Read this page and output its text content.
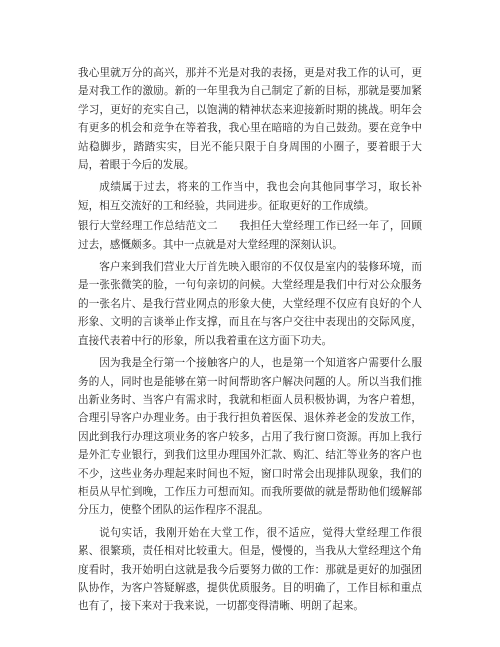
我心里就万分的高兴，那并不光是对我的表扬，更是对我工作的认可，更是对我工作的激励。新的一年里我为自己制定了新的目标，那就是要加紧学习，更好的充实自己，以饱满的精神状态来迎接新时期的挑战。明年会有更多的机会和竞争在等着我，我心里在暗暗的为自己鼓劲。要在竞争中站稳脚步，踏踏实实，目光不能只限于自身周围的小圈子，要着眼于大局，着眼于今后的发展。

成绩属于过去，将来的工作当中，我也会向其他同事学习，取长补短，相互交流好的工和经验，共同进步。征取更好的工作成绩。

银行大堂经理工作总结范文二　　我担任大堂经理工作已经一年了，回顾过去，感慨颇多。其中一点就是对大堂经理的深刻认识。

客户来到我们营业大厅首先映入眼帘的不仅仅是室内的装修环境，而是一张张微笑的脸，一句句亲切的问候。大堂经理是我们中行对公众服务的一张名片、是我行营业网点的形象大使，大堂经理不仅应有良好的个人形象、文明的言谈举止作支撑，而且在与客户交往中表现出的交际风度，直接代表着中行的形象，所以我着重在这方面下功夫。

因为我是全行第一个接触客户的人，也是第一个知道客户需要什么服务的人，同时也是能够在第一时间帮助客户解决问题的人。所以当我们推出新业务时、当客户有需求时，我就和柜面人员积极协调，为客户着想，合理引导客户办理业务。由于我行担负着医保、退休养老金的发放工作，因此到我行办理这项业务的客户较多，占用了我行窗口资源。再加上我行是外汇专业银行，到我们这里办理国外汇款、购汇、结汇等业务的客户也不少，这些业务办理起来时间也不短，窗口时常会出现排队现象，我们的柜员从早忙到晚，工作压力可想而知。而我所要做的就是帮助他们缓解部分压力，使整个团队的运作程序不混乱。

说句实话，我刚开始在大堂工作，很不适应，觉得大堂经理工作很累、很繁琐，责任相对比较重大。但是，慢慢的，当我从大堂经理这个角度看时，我开始明白这就是我今后要努力做的工作：那就是更好的加强团队协作，为客户答疑解惑，提供优质服务。目的明确了，工作目标和重点也有了，接下来对于我来说，一切都变得清晰、明朗了起来。
